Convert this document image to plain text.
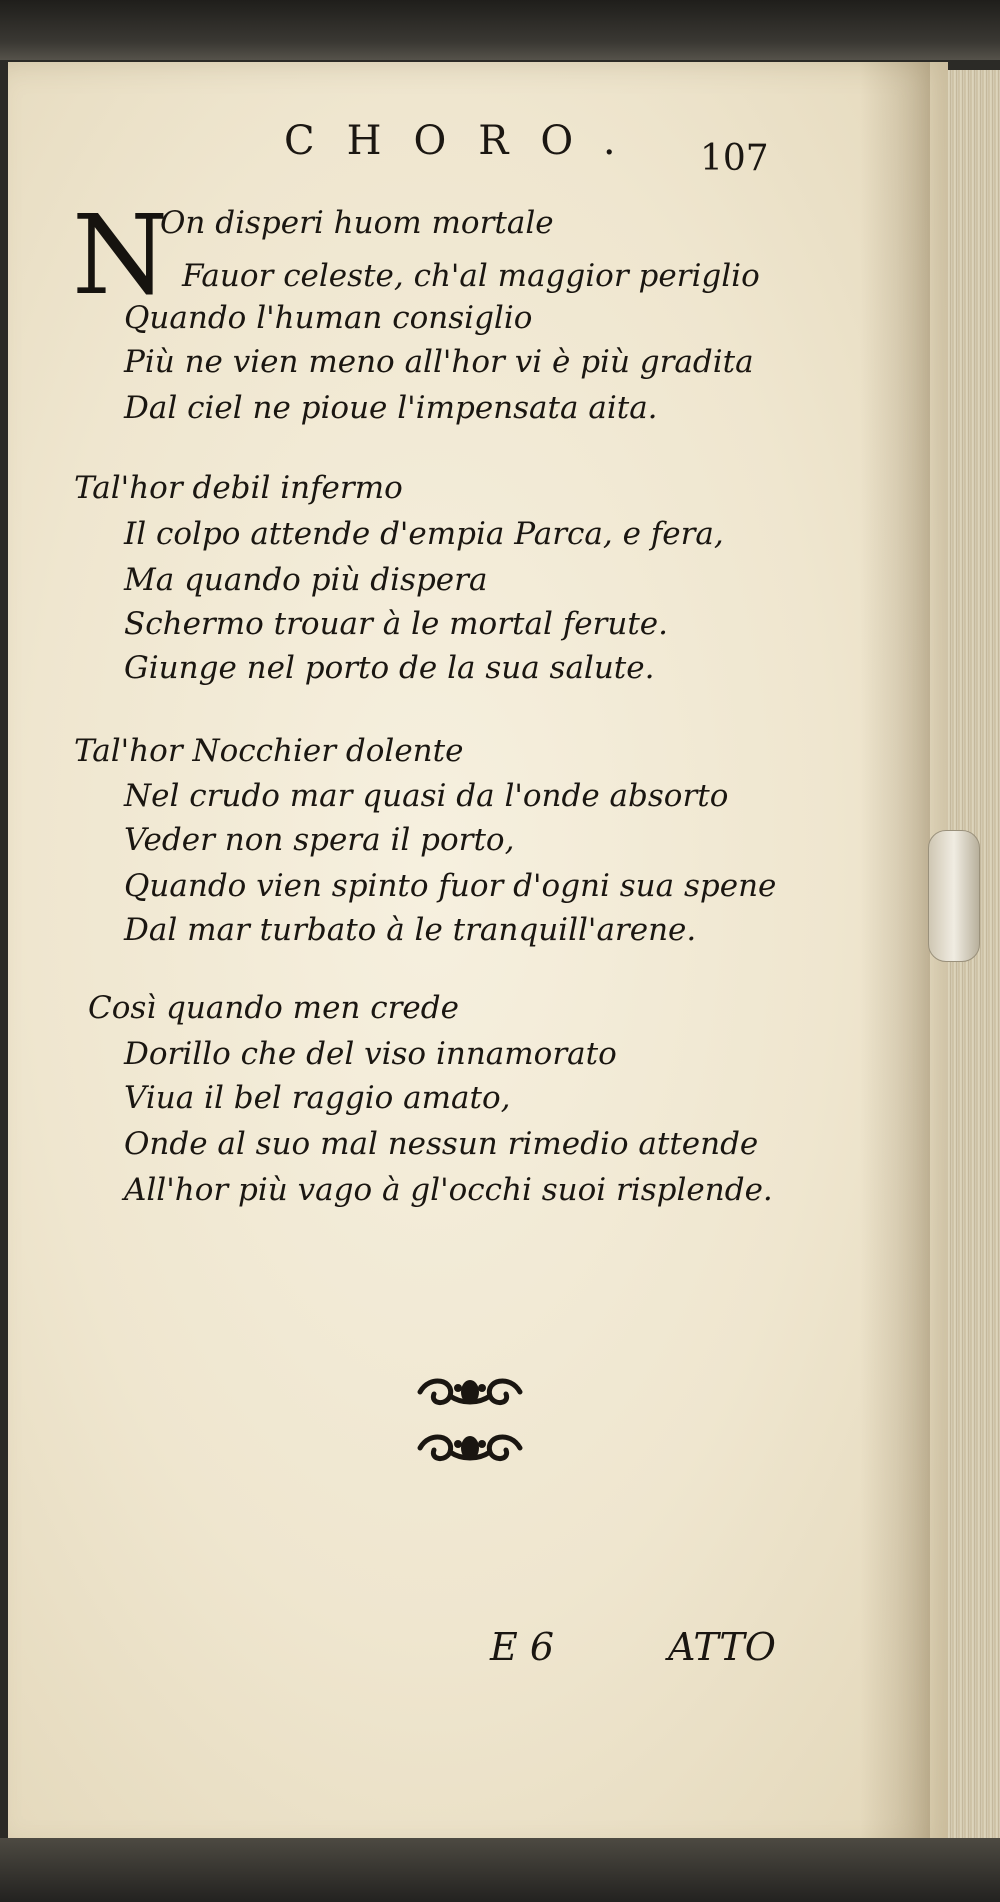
CHORO. 107
N
On disperi huom mortale
Fauor celeste, ch'al maggior periglio
Quando l'human consiglio
Più ne vien meno all'hor vi è più gradita
Dal ciel ne pioue l'impensata aita.
Tal'hor debil infermo
Il colpo attende d'empia Parca, e fera,
Ma quando più dispera
Schermo trouar à le mortal ferute.
Giunge nel porto de la sua salute.
Tal'hor Nocchier dolente
Nel crudo mar quasi da l'onde absorto
Veder non spera il porto,
Quando vien spinto fuor d'ogni sua spene
Dal mar turbato à le tranquill'arene.
Così quando men crede
Dorillo che del viso innamorato
Viua il bel raggio amato,
Onde al suo mal nessun rimedio attende
All'hor più vago à gl'occhi suoi risplende.
E 6	ATTO
